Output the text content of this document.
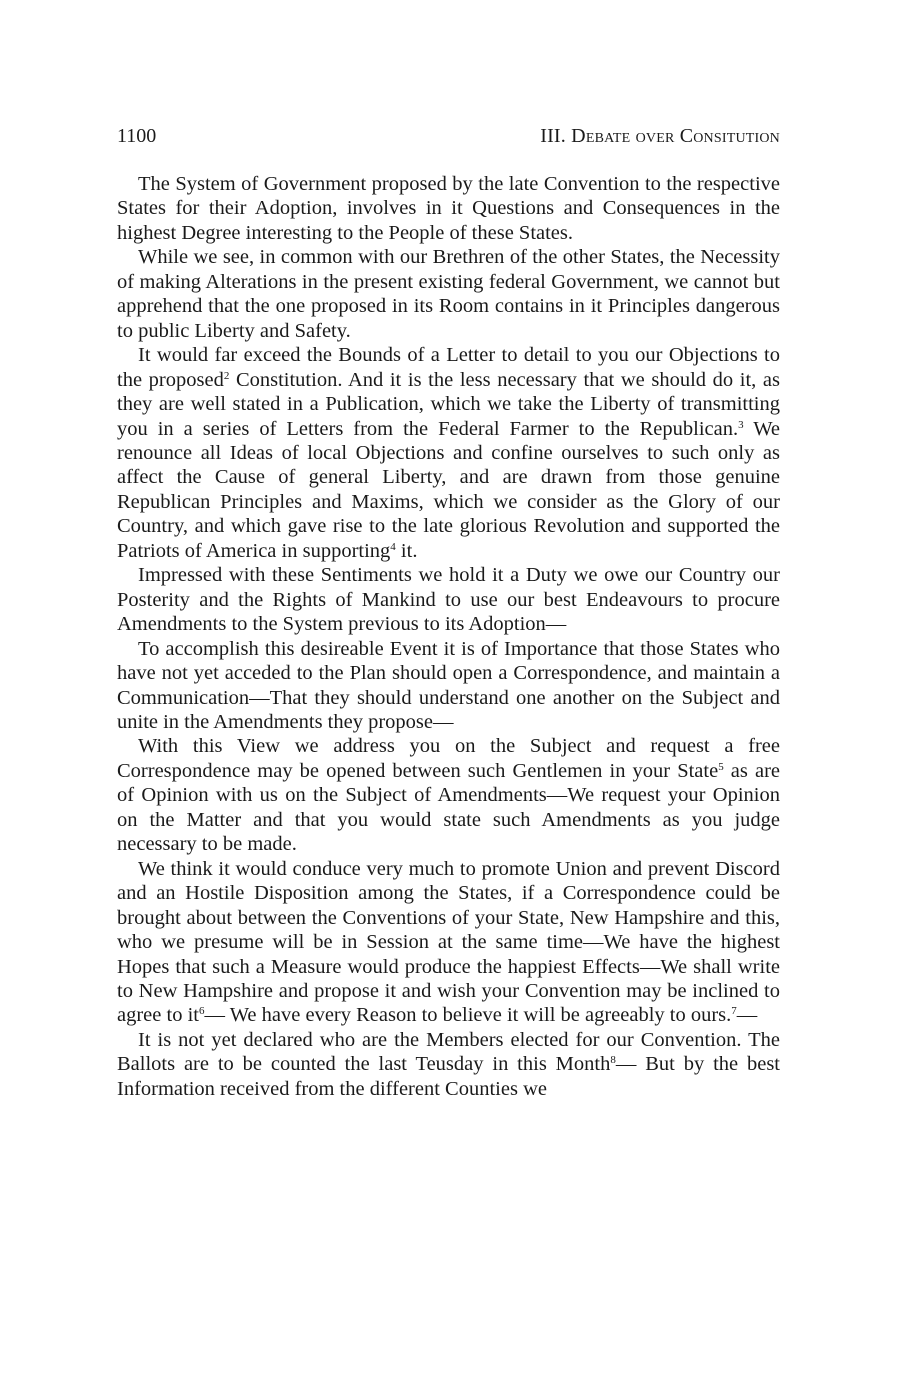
1100	III. Debate over Consitution

The System of Government proposed by the late Convention to the respective States for their Adoption, involves in it Questions and Consequences in the highest Degree interesting to the People of these States.

While we see, in common with our Brethren of the other States, the Necessity of making Alterations in the present existing federal Government, we cannot but apprehend that the one proposed in its Room contains in it Principles dangerous to public Liberty and Safety.

It would far exceed the Bounds of a Letter to detail to you our Objections to the proposed$^2$ Constitution. And it is the less necessary that we should do it, as they are well stated in a Publication, which we take the Liberty of transmitting you in a series of Letters from the Federal Farmer to the Republican.$^3$ We renounce all Ideas of local Objections and confine ourselves to such only as affect the Cause of general Liberty, and are drawn from those genuine Republican Principles and Maxims, which we consider as the Glory of our Country, and which gave rise to the late glorious Revolution and supported the Patriots of America in supporting$^4$ it.

Impressed with these Sentiments we hold it a Duty we owe our Country our Posterity and the Rights of Mankind to use our best Endeavours to procure Amendments to the System previous to its Adoption—

To accomplish this desireable Event it is of Importance that those States who have not yet acceded to the Plan should open a Correspondence, and maintain a Communication—That they should understand one another on the Subject and unite in the Amendments they propose—

With this View we address you on the Subject and request a free Correspondence may be opened between such Gentlemen in your State$^5$ as are of Opinion with us on the Subject of Amendments—We request your Opinion on the Matter and that you would state such Amendments as you judge necessary to be made.

We think it would conduce very much to promote Union and prevent Discord and an Hostile Disposition among the States, if a Correspondence could be brought about between the Conventions of your State, New Hampshire and this, who we presume will be in Session at the same time—We have the highest Hopes that such a Measure would produce the happiest Effects—We shall write to New Hampshire and propose it and wish your Convention may be inclined to agree to $it^6—$ We have every Reason to believe it will be agreeably to ours.$^7$—

It is not yet declared who are the Members elected for our Convention. The Ballots are to be counted the last Teusday in this Month$^8$— But by the best Information received from the different Counties we
